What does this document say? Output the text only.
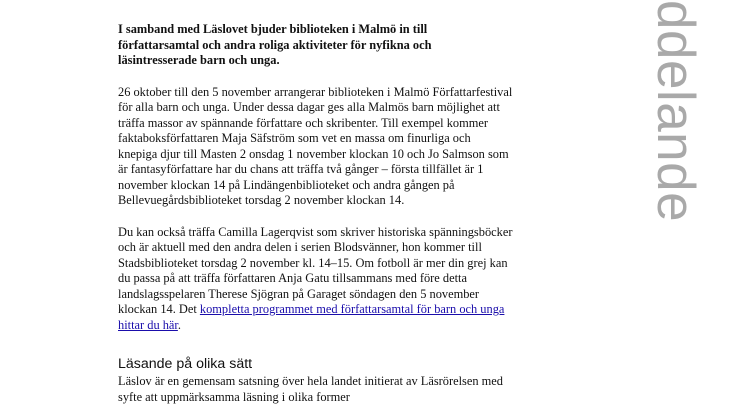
ddelande

I samband med Läslovet bjuder biblioteken i Malmö in till
författarsamtal och andra roliga aktiviteter för nyfikna och
läsintresserade barn och unga.

26 oktober till den 5 november arrangerar biblioteken i Malmö Författarfestival
för alla barn och unga. Under dessa dagar ges alla Malmös barn möjlighet att
träffa massor av spännande författare och skribenter. Till exempel kommer
faktaboksförfattaren Maja Säfström som vet en massa om finurliga och
knepiga djur till Masten 2 onsdag 1 november klockan 10 och Jo Salmson som
är fantasyförfattare har du chans att träffa två gånger – första tillfället är 1
november klockan 14 på Lindängenbiblioteket och andra gången på
Bellevuegårdsbiblioteket torsdag 2 november klockan 14.

Du kan också träffa Camilla Lagerqvist som skriver historiska spänningsböcker
och är aktuell med den andra delen i serien Blodsvänner, hon kommer till
Stadsbiblioteket torsdag 2 november kl. 14–15. Om fotboll är mer din grej kan
du passa på att träffa författaren Anja Gatu tillsammans med före detta
landslagsspelaren Therese Sjögran på Garaget söndagen den 5 november
klockan 14. Det kompletta programmet med författarsamtal för barn och unga
hittar du här.

Läsande på olika sätt

Läslov är en gemensam satsning över hela landet initierat av Läsrörelsen med
syfte att uppmärksamma läsning i olika former
